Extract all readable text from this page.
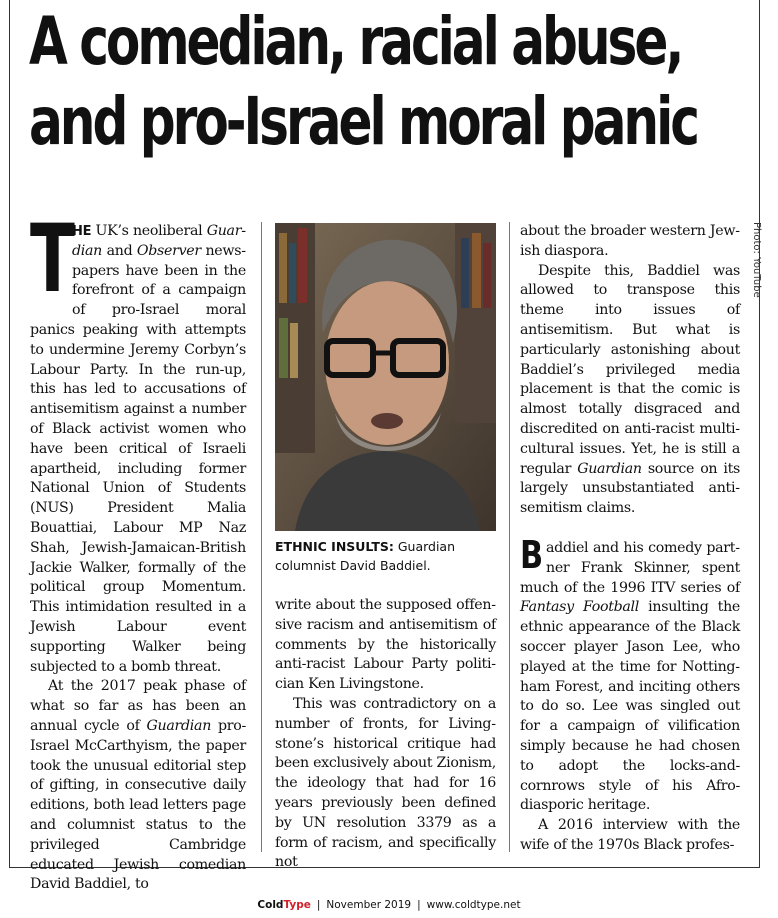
A comedian, racial abuse,
and pro-Israel moral panic

T
HE UK’s neoliberal Guardian and Observer newspapers have been in the forefront of a campaign of pro-Israel moral panics peaking with attempts to undermine Jeremy Corbyn’s Labour Party. In the run-up, this has led to accusations of antisemitism against a number of Black activist women who have been critical of Israeli apartheid, including former National Union of Students (NUS) President Malia Bouattiai, Labour MP Naz Shah, Jewish-Jamaican-British Jackie Walker, formally of the political group Momentum. This intimidation resulted in a Jewish Labour event supporting Walker being subjected to a bomb threat.

At the 2017 peak phase of what so far as has been an annual cycle of Guardian pro-Israel McCarthyism, the paper took the unusual editorial step of gifting, in consecutive daily editions, both lead letters page and columnist status to the privileged Cambridge educated Jewish comedian David Baddiel, to

ETHNIC INSULTS: Guardian columnist David Baddiel.

write about the supposed offensive racism and antisemitism of comments by the historically anti-racist Labour Party politician Ken Livingstone.

This was contradictory on a number of fronts, for Livingstone’s historical critique had been exclusively about Zionism, the ideology that had for 16 years previously been defined by UN resolution 3379 as a form of racism, and specifically not

about the broader western Jewish diaspora.

Despite this, Baddiel was allowed to transpose this theme into issues of antisemitism. But what is particularly astonishing about Baddiel’s privileged media placement is that the comic is almost totally disgraced and discredited on anti-racist multicultural issues. Yet, he is still a regular Guardian source on its largely unsubstantiated antisemitism claims.

Baddiel and his comedy partner Frank Skinner, spent much of the 1996 ITV series of Fantasy Football insulting the ethnic appearance of the Black soccer player Jason Lee, who played at the time for Nottingham Forest, and inciting others to do so. Lee was singled out for a campaign of vilification simply because he had chosen to adopt the locks-and-cornrows style of his Afro-diasporic heritage.

A 2016 interview with the wife of the 1970s Black profes-

Photo: YouTube
ColdType | November 2019 | www.coldtype.net
